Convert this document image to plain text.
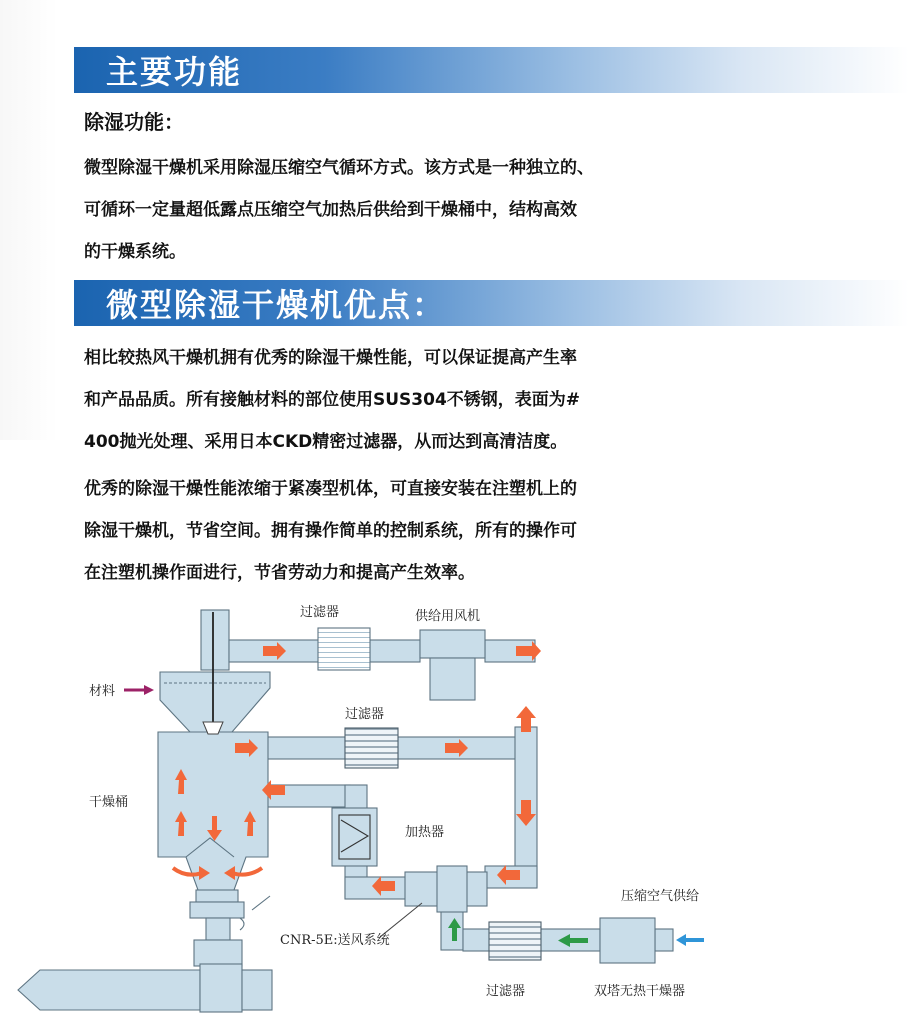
主要功能
除湿功能：
微型除湿干燥机采用除湿压缩空气循环方式。该方式是一种独立的、
可循环一定量超低露点压缩空气加热后供给到干燥桶中，结构高效
的干燥系统。
微型除湿干燥机优点：
相比较热风干燥机拥有优秀的除湿干燥性能，可以保证提高产生率
和产品品质。所有接触材料的部位使用SUS304不锈钢，表面为#
400抛光处理、采用日本CKD精密过滤器，从而达到高清洁度。
优秀的除湿干燥性能浓缩于紧凑型机体，可直接安装在注塑机上的
除湿干燥机，节省空间。拥有操作简单的控制系统，所有的操作可
在注塑机操作面进行，节省劳动力和提高产生效率。
过滤器	供给用风机
材料
过滤器
干燥桶
加热器
压缩空气供给
CNR-5E:送风系统
过滤器	双塔无热干燥器
